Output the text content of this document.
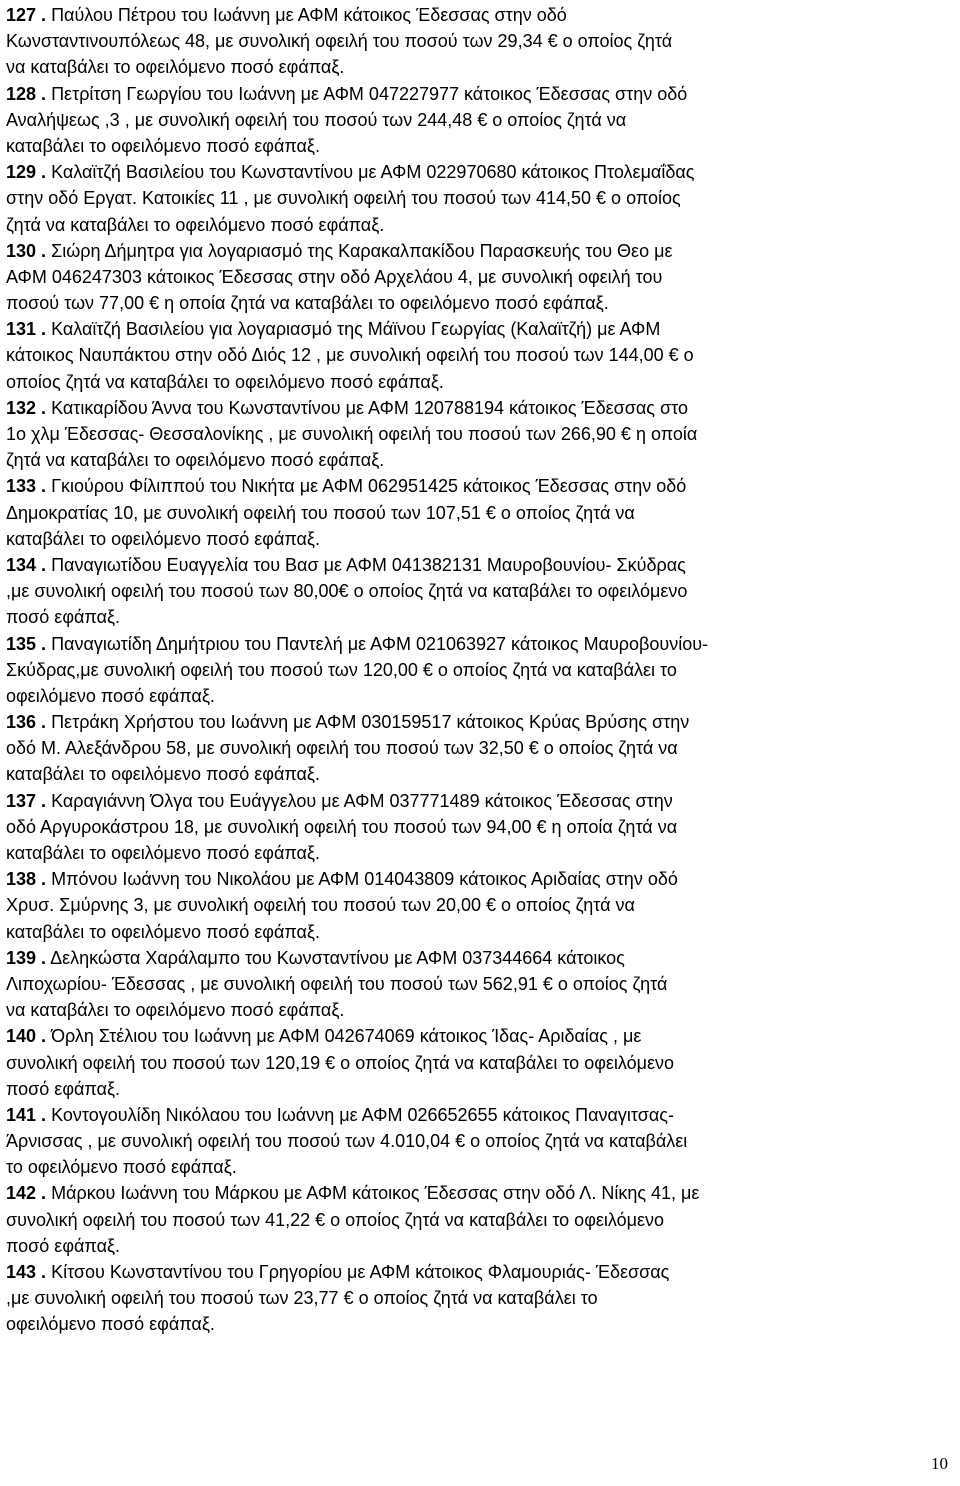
127 . Παύλου Πέτρου του Ιωάννη με ΑΦΜ κάτοικος Έδεσσας στην οδό
Κωνσταντινουπόλεως 48, με συνολική οφειλή του ποσού των 29,34 € ο οποίος ζητά
να καταβάλει το οφειλόμενο ποσό εφάπαξ.
128 . Πετρίτση Γεωργίου του Ιωάννη με ΑΦΜ 047227977 κάτοικος Έδεσσας στην οδό
Αναλήψεως ,3 , με συνολική οφειλή του ποσού των 244,48 € ο οποίος ζητά να
καταβάλει το οφειλόμενο ποσό εφάπαξ.
129 . Καλαϊτζή Βασιλείου του Κωνσταντίνου με ΑΦΜ 022970680 κάτοικος Πτολεμαΐδας
στην οδό Εργατ. Κατοικίες 11 , με συνολική οφειλή του ποσού των 414,50 € ο οποίος
ζητά να καταβάλει το οφειλόμενο ποσό εφάπαξ.
130 . Σιώρη Δήμητρα για λογαριασμό της Καρακαλπακίδου Παρασκευής του Θεο με
ΑΦΜ 046247303 κάτοικος Έδεσσας στην οδό Αρχελάου 4, με συνολική οφειλή του
ποσού των 77,00 € η οποία ζητά να καταβάλει το οφειλόμενο ποσό εφάπαξ.
131 . Καλαϊτζή Βασιλείου για λογαριασμό της Μάϊνου Γεωργίας (Καλαϊτζή) με ΑΦΜ
κάτοικος Ναυπάκτου στην οδό Διός 12 , με συνολική οφειλή του ποσού των 144,00 € ο
οποίος ζητά να καταβάλει το οφειλόμενο ποσό εφάπαξ.
132 . Κατικαρίδου Άννα του Κωνσταντίνου με ΑΦΜ 120788194 κάτοικος Έδεσσας στο
1ο χλμ Έδεσσας- Θεσσαλονίκης , με συνολική οφειλή του ποσού των 266,90 € η οποία
ζητά να καταβάλει το οφειλόμενο ποσό εφάπαξ.
133 . Γκιούρου Φίλιππού του Νικήτα με ΑΦΜ 062951425 κάτοικος Έδεσσας στην οδό
Δημοκρατίας 10, με συνολική οφειλή του ποσού των 107,51 € ο οποίος ζητά να
καταβάλει το οφειλόμενο ποσό εφάπαξ.
134 . Παναγιωτίδου Ευαγγελία του Βασ με ΑΦΜ 041382131 Μαυροβουνίου- Σκύδρας
,με συνολική οφειλή του ποσού των 80,00€ ο οποίος ζητά να καταβάλει το οφειλόμενο
ποσό εφάπαξ.
135 . Παναγιωτίδη Δημήτριου του Παντελή με ΑΦΜ 021063927 κάτοικος Μαυροβουνίου-
Σκύδρας,με συνολική οφειλή του ποσού των 120,00 € ο οποίος ζητά να καταβάλει το
οφειλόμενο ποσό εφάπαξ.
136 . Πετράκη Χρήστου του Ιωάννη με ΑΦΜ 030159517 κάτοικος Κρύας Βρύσης στην
οδό Μ. Αλεξάνδρου 58, με συνολική οφειλή του ποσού των 32,50 € ο οποίος ζητά να
καταβάλει το οφειλόμενο ποσό εφάπαξ.
137 . Καραγιάννη Όλγα του Ευάγγελου με ΑΦΜ 037771489 κάτοικος Έδεσσας στην
οδό Αργυροκάστρου 18, με συνολική οφειλή του ποσού των 94,00 € η οποία ζητά να
καταβάλει το οφειλόμενο ποσό εφάπαξ.
138 . Μπόνου Ιωάννη του Νικολάου με ΑΦΜ 014043809 κάτοικος Αριδαίας στην οδό
Χρυσ. Σμύρνης 3, με συνολική οφειλή του ποσού των 20,00 € ο οποίος ζητά να
καταβάλει το οφειλόμενο ποσό εφάπαξ.
139 . Δεληκώστα Χαράλαμπο του Κωνσταντίνου με ΑΦΜ 037344664 κάτοικος
Λιποχωρίου- Έδεσσας , με συνολική οφειλή του ποσού των 562,91 € ο οποίος ζητά
να καταβάλει το οφειλόμενο ποσό εφάπαξ.
140 . Όρλη Στέλιου του Ιωάννη με ΑΦΜ 042674069 κάτοικος Ίδας- Αριδαίας , με
συνολική οφειλή του ποσού των 120,19 € ο οποίος ζητά να καταβάλει το οφειλόμενο
ποσό εφάπαξ.
141 . Κοντογουλίδη Νικόλαου του Ιωάννη με ΑΦΜ 026652655 κάτοικος Παναγιτσας-
Άρνισσας , με συνολική οφειλή του ποσού των 4.010,04 € ο οποίος ζητά να καταβάλει
το οφειλόμενο ποσό εφάπαξ.
142 . Μάρκου Ιωάννη του Μάρκου με ΑΦΜ κάτοικος Έδεσσας στην οδό Λ. Νίκης 41, με
συνολική οφειλή του ποσού των 41,22 € ο οποίος ζητά να καταβάλει το οφειλόμενο
ποσό εφάπαξ.
143 . Κίτσου Κωνσταντίνου του Γρηγορίου με ΑΦΜ κάτοικος Φλαμουριάς- Έδεσσας
,με συνολική οφειλή του ποσού των 23,77 € ο οποίος ζητά να καταβάλει το
οφειλόμενο ποσό εφάπαξ.
10
